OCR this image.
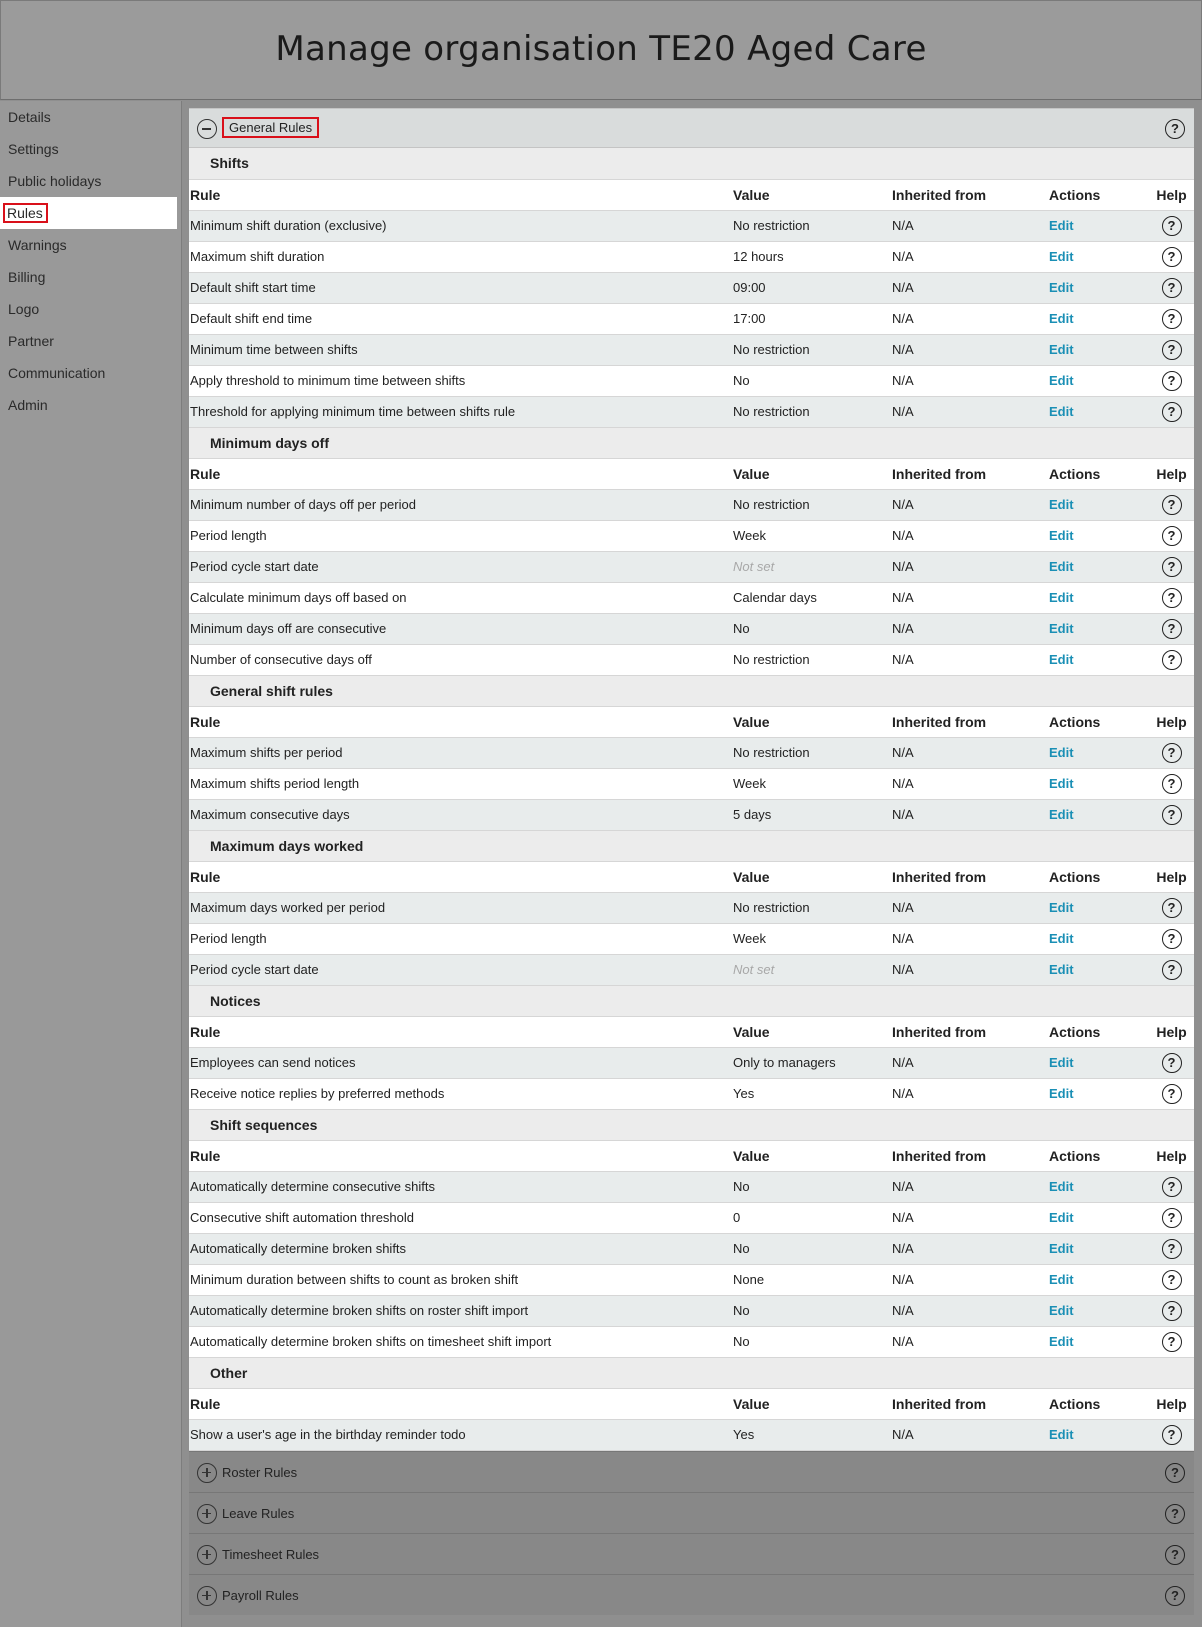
Manage organisation TE20 Aged Care
Details
Settings
Public holidays
Rules
Warnings
Billing
Logo
Partner
Communication
Admin
General Rules	?
Shifts				
Rule	Value	Inherited from	Actions	Help
Minimum shift duration (exclusive)	No restriction	N/A	Edit	?
Maximum shift duration	12 hours	N/A	Edit	?
Default shift start time	09:00	N/A	Edit	?
Default shift end time	17:00	N/A	Edit	?
Minimum time between shifts	No restriction	N/A	Edit	?
Apply threshold to minimum time between shifts	No	N/A	Edit	?
Threshold for applying minimum time between shifts rule	No restriction	N/A	Edit	?
Minimum days off				
Rule	Value	Inherited from	Actions	Help
Minimum number of days off per period	No restriction	N/A	Edit	?
Period length	Week	N/A	Edit	?
Period cycle start date	Not set	N/A	Edit	?
Calculate minimum days off based on	Calendar days	N/A	Edit	?
Minimum days off are consecutive	No	N/A	Edit	?
Number of consecutive days off	No restriction	N/A	Edit	?
General shift rules				
Rule	Value	Inherited from	Actions	Help
Maximum shifts per period	No restriction	N/A	Edit	?
Maximum shifts period length	Week	N/A	Edit	?
Maximum consecutive days	5 days	N/A	Edit	?
Maximum days worked				
Rule	Value	Inherited from	Actions	Help
Maximum days worked per period	No restriction	N/A	Edit	?
Period length	Week	N/A	Edit	?
Period cycle start date	Not set	N/A	Edit	?
Notices				
Rule	Value	Inherited from	Actions	Help
Employees can send notices	Only to managers	N/A	Edit	?
Receive notice replies by preferred methods	Yes	N/A	Edit	?
Shift sequences				
Rule	Value	Inherited from	Actions	Help
Automatically determine consecutive shifts	No	N/A	Edit	?
Consecutive shift automation threshold	0	N/A	Edit	?
Automatically determine broken shifts	No	N/A	Edit	?
Minimum duration between shifts to count as broken shift	None	N/A	Edit	?
Automatically determine broken shifts on roster shift import	No	N/A	Edit	?
Automatically determine broken shifts on timesheet shift import	No	N/A	Edit	?
Other				
Rule	Value	Inherited from	Actions	Help
Show a user's age in the birthday reminder todo	Yes	N/A	Edit	?
Roster Rules	?
Leave Rules	?
Timesheet Rules	?
Payroll Rules	?
